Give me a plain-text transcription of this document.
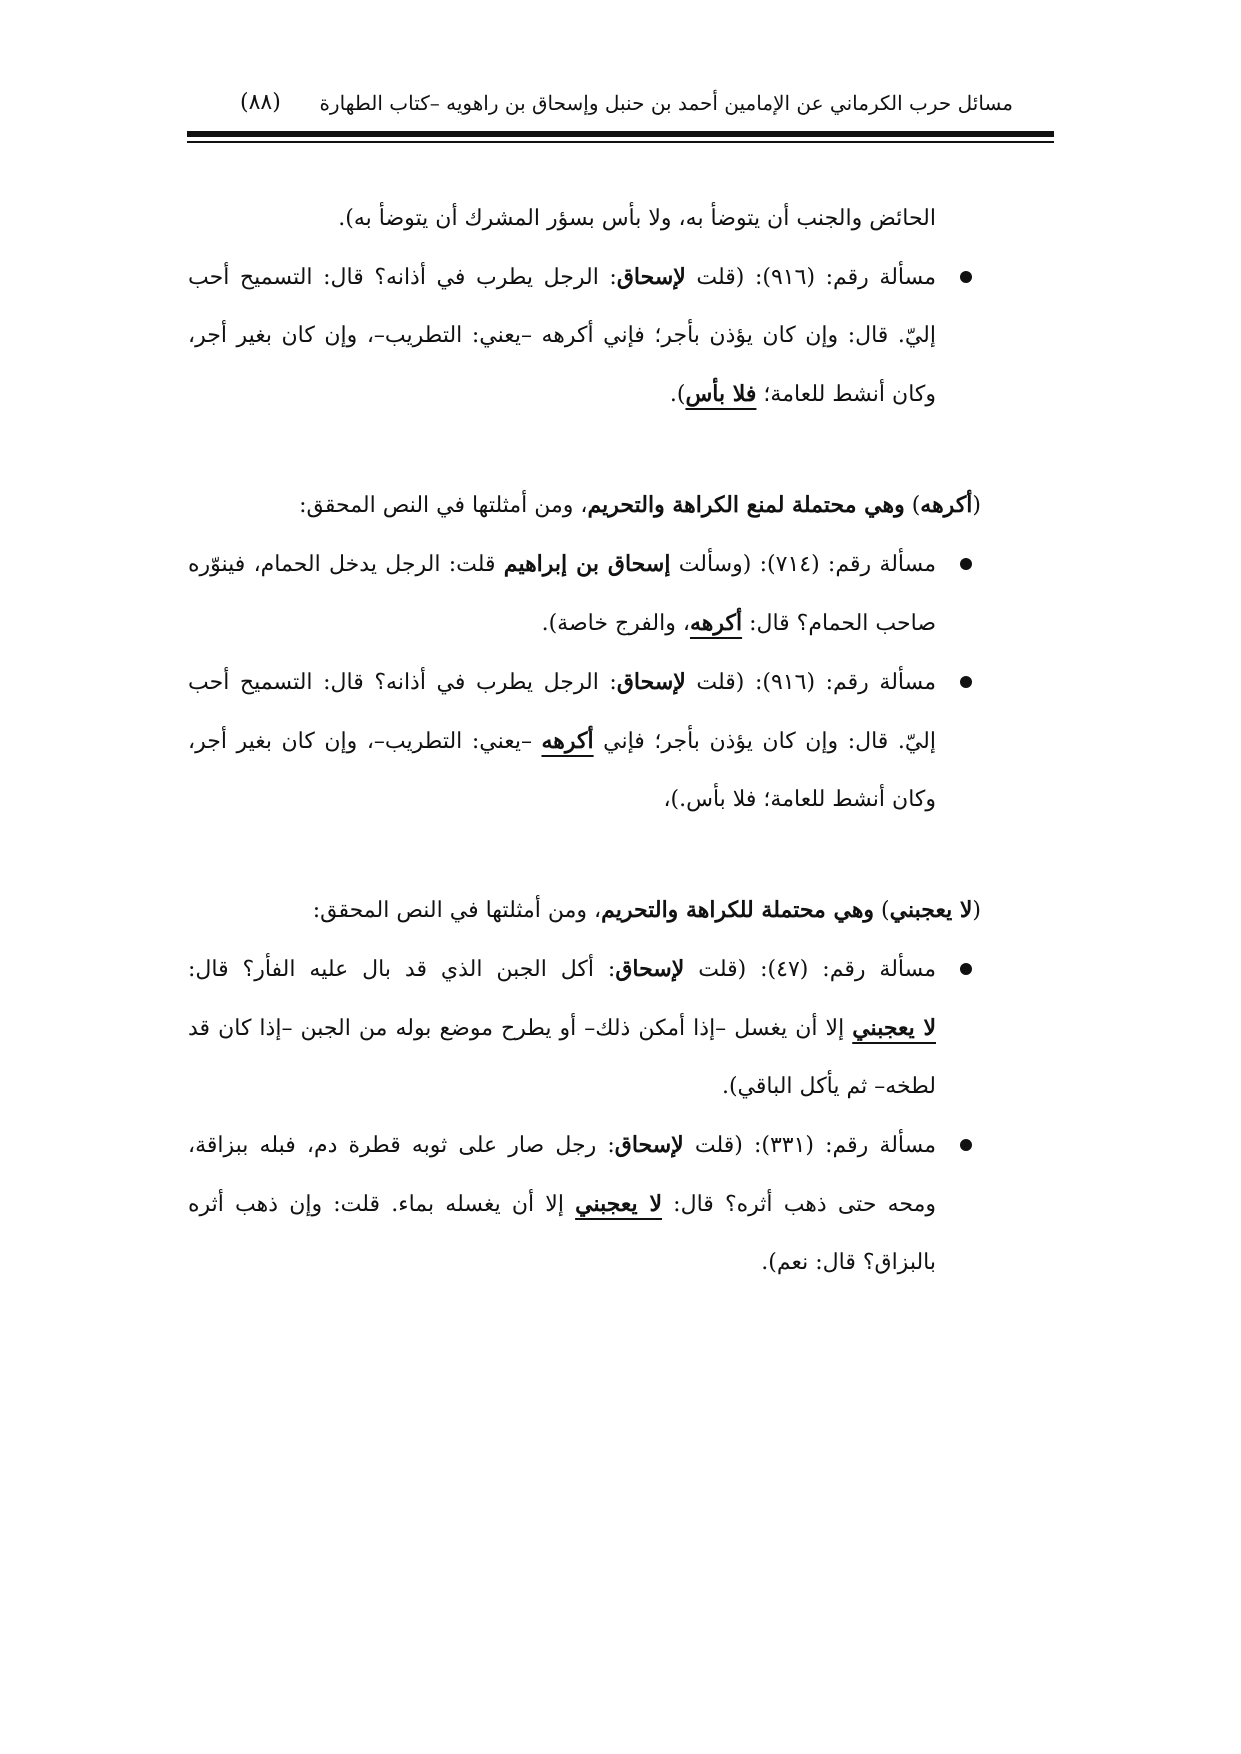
مسائل حرب الكرماني عن الإمامين أحمد بن حنبل وإسحاق بن راهويه –كتاب الطهارة
(٨٨)

الحائض والجنب أن يتوضأ به، ولا بأس بسؤر المشرك أن يتوضأ به).

مسألة رقم: (٩١٦): (قلت لإسحاق: الرجل يطرب في أذانه؟ قال: التسميح أحب إليّ. قال: وإن كان يؤذن بأجر؛ فإني أكرهه –يعني: التطريب–، وإن كان بغير أجر، وكان أنشط للعامة؛ فلا بأس).

(أكرهه) وهي محتملة لمنع الكراهة والتحريم، ومن أمثلتها في النص المحقق:

مسألة رقم: (٧١٤): (وسألت إسحاق بن إبراهيم قلت: الرجل يدخل الحمام، فينوّره صاحب الحمام؟ قال: أكرهه، والفرج خاصة).
مسألة رقم: (٩١٦): (قلت لإسحاق: الرجل يطرب في أذانه؟ قال: التسميح أحب إليّ. قال: وإن كان يؤذن بأجر؛ فإني أكرهه –يعني: التطريب–، وإن كان بغير أجر، وكان أنشط للعامة؛ فلا بأس.)،

(لا يعجبني) وهي محتملة للكراهة والتحريم، ومن أمثلتها في النص المحقق:

مسألة رقم: (٤٧): (قلت لإسحاق: أكل الجبن الذي قد بال عليه الفأر؟ قال: لا يعجبني إلا أن يغسل –إذا أمكن ذلك– أو يطرح موضع بوله من الجبن –إذا كان قد لطخه– ثم يأكل الباقي).
مسألة رقم: (٣٣١): (قلت لإسحاق: رجل صار على ثوبه قطرة دم، فبله ببزاقة، ومحه حتى ذهب أثره؟ قال: لا يعجبني إلا أن يغسله بماء. قلت: وإن ذهب أثره بالبزاق؟ قال: نعم).
